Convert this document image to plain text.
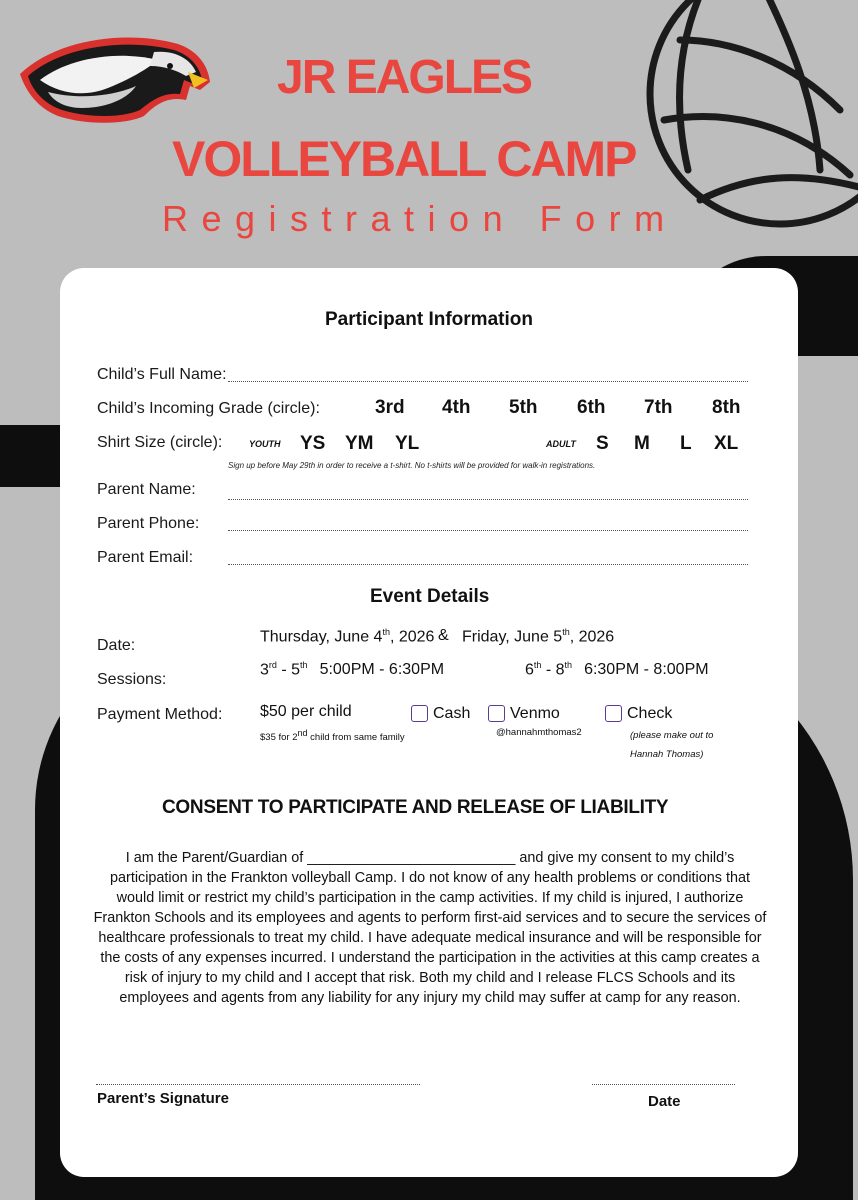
JR EAGLES
VOLLEYBALL CAMP
Registration Form
Participant Information
Child’s Full Name:
Child’s Incoming Grade (circle):	3rd 4th 5th 6th 7th 8th
Shirt Size (circle):	YOUTH YS YM YL	ADULT S M L XL
Sign up before May 29th in order to receive a t-shirt. No t-shirts will be provided for walk-in registrations.
Parent Name:
Parent Phone:
Parent Email:
Event Details
Date:
Thursday, June 4th, 2026 & Friday, June 5th, 2026
Sessions:
3rd - 5th 5:00PM - 6:30PM	6th - 8th 6:30PM - 8:00PM
Payment Method: $50 per child
$35 for 2nd child from same family
Cash Venmo
@hannahmthomas2
Check
(please make out to
Hannah Thomas)
CONSENT TO PARTICIPATE AND RELEASE OF LIABILITY
I am the Parent/Guardian of __________________________ and give my consent to my child’s participation in the Frankton volleyball Camp. I do not know of any health problems or conditions that would limit or restrict my child’s participation in the camp activities. If my child is injured, I authorize Frankton Schools and its employees and agents to perform first-aid services and to secure the services of healthcare professionals to treat my child. I have adequate medical insurance and will be responsible for the costs of any expenses incurred. I understand the participation in the activities at this camp creates a risk of injury to my child and I accept that risk. Both my child and I release FLCS Schools and its employees and agents from any liability for any injury my child may suffer at camp for any reason.
Parent’s Signature	Date
